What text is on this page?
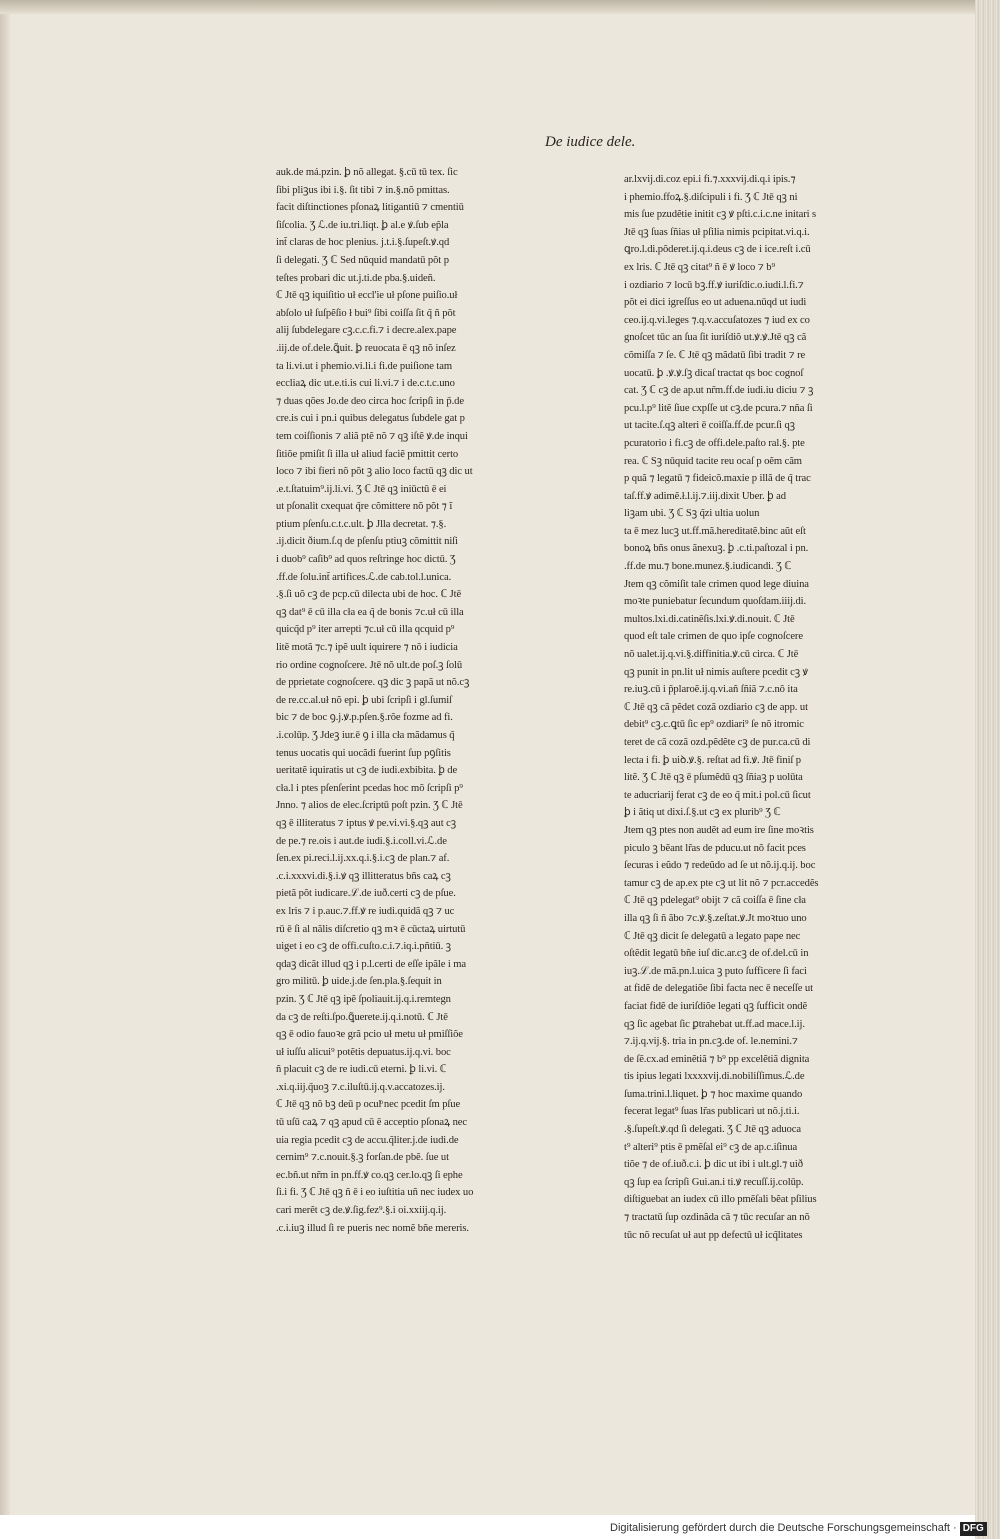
De iudice dele.
auk.de má.pzin. ꝧ nõ allegat. §.cū tū tex. ſic
ſibi pliꝫus ibi i.§. ſit tibi ⁊ in.§.nõ pmittas.
facit diſtinctiones pſonaꝝ litigantiū ⁊ cmentiū
ſiſcolia. Ʒ ℒ.de iu.tri.liqt. ꝧ al.e ꝟ.ſub ep̃la
int̃ claras de hoc plenius. j.t.i.§.ſupeſt.ꝟ.qd
ſi delegati. Ʒ ℂ Sed nūquid mandatū põt p
teſtes probari dic ut.j.ti.de pba.§.uideñ.
ℂ Jtē qꝫ iquiſitio uł eccl'ie uł pſone puiſio.uł
abſolo uł ſuſpẽſio ł bui⁹ ſibi coiſſa ſit q̃ ñ põt
alij ſubdelegare cꝫ.c.c.fi.⁊ i decre.alex.pape
.iij.de of.dele.ꝗ̃uit. ꝧ reuocata ē qꝫ nõ inſez
ta li.vi.ut i phemio.vi.li.i fi.de puiſione tam
eccliaꝝ dic ut.e.ti.is cui li.vi.⁊ i de.c.t.c.uno
⁊ duas qões Jo.de deo circa hoc ſcripſi in p̃.de
cre.is cui i pn.i quibus delegatus ſubdele gat p
tem coiſſionis ⁊ aliã ptẽ nõ ⁊ qꝫ iſtẽ ꝟ.de inqui
ſitiõe pmiſit ſi illa uł aliud faciẽ pmittit certo
loco ⁊ ibi fieri nõ põt ꝫ alio loco factū qꝫ dic ut
.e.t.ſtatuim⁹.ij.li.vi. Ʒ ℂ Jtē qꝫ iniūctū ē ei
ut pſonalit cxequat q̃re cõmittere nõ põt ⁊ ĩ
ptium pſenſu.c.t.c.ult. ꝧ Jlla decretat. ⁊.§.
.ij.dicit ðium.ſ.q de pſenſu ptiuꝫ cõmittit niſi
i duob⁹ caſib⁹ ad quos reſtringe hoc dictū. Ʒ
.ff.de ſolu.int̃ artifices.ℒ.de cab.tol.l.unica.
.§.ſi uõ cꝫ de pcp.cū dilecta ubi de hoc. ℂ Jtē
qꝫ dat⁹ ē cū illa cła ea q̃ de bonis ⁊c.uł cū illa
quicq̃d p⁹ iter arrepti ⁊c.uł cū illa qcquid p⁹
litẽ motã ⁊c.⁊ ipẽ uult iquirere ⁊ nõ i iudicia
rio ordine cognoſcere. Jtē nõ ult.de poſ.ꝫ ſolū
de pprietate cognoſcere. qꝫ dic ꝫ papã ut nõ.cꝫ
de re.cc.al.uł nõ epi. ꝧ ubi ſcripſi i gl.ſumiſ
bic ⁊ de boc ꝯ.j.ꝟ.p.pſen.§.rõe fozme ad fi.
.i.colūp. Ʒ Jdeꝫ iur.ē ꝯ i illa cła mãdamus q̃
tenus uocatis qui uocãdi fuerint ſup pꝯſitis
ueritatẽ iquiratis ut cꝫ de iudi.exbibita. ꝧ de
cła.l i ptes pſenſerint pcedas hoc mõ ſcripſi p⁹
Jnno. ⁊ alios de elec.ſcriptū poſt pzin. Ʒ ℂ Jtē
qꝫ ē illiteratus ⁊ iptus ꝟ pe.vi.vi.§.qꝫ aut cꝫ
de pe.⁊ re.ois i aut.de iudi.§.i.coll.vi.ℒ.de
ſen.ex pi.reci.l.ij.xx.q.i.§.i.cꝫ de plan.⁊ af.
.c.i.xxxvi.di.§.i.ꝟ qꝫ illitteratus bñs caꝝ cꝫ
pietã põt iudicare.ℒ.de iuð.certi cꝫ de pſue.
ex lris ⁊ i p.auc.⁊.ff.ꝟ re iudi.quidã qꝫ ⁊ uc
rū ē ſi al nãlis diſcretio qꝫ mꝛ ē cūctaꝝ uirtutū
uiget i eo cꝫ de offi.cuſto.c.i.⁊.iq.i.pñtiū. ꝫ
qdaꝫ dicãt illud qꝫ i p.l.certi de eſſe ipãle i ma
gro militū. ꝧ uide.j.de ſen.pla.§.ſequit in
pzin. Ʒ ℂ Jtē qꝫ ipẽ ſpoliauit.ij.q.i.remtegn
da cꝫ de reſti.ſpo.ꝗ̃uerete.ij.q.i.notū. ℂ Jtē
qꝫ ē odio fauoꝛe grã pcio uł metu uł pmiſſiõe
uł iuſſu alicui⁹ potẽtis depuatus.ij.q.vi. boc
ñ placuit cꝫ de re iudi.cū eterni. ꝧ li.vi. ℂ
.xi.q.iij.q̃uoꝫ ⁊.c.iluſtū.ij.q.v.accatozes.ij.
ℂ Jtē qꝫ nõ bꝫ deū p oculͦ nec pcedit ſm pſue
tū uſū caꝝ ⁊ qꝫ apud cū ē acceptio pſonaꝝ nec
uia regia pcedit cꝫ de accu.q̃liter.j.de iudi.de
cernim⁹ ⁊.c.nouit.§.ꝫ forſan.de pbẽ. ſue ut
ec.bñ.ut nr̃m in pn.ff.ꝟ co.qꝫ cer.lo.qꝫ ſi ephe
ſi.i fi. Ʒ ℂ Jtē qꝫ ñ ē i eo iuſtitia uñ nec iudex uo
cari merẽt cꝫ de.ꝟ.ſig.fez⁹.§.i oi.xxiij.q.ij.
.c.i.iuꝫ illud ſi re pueris nec nomẽ bñe mereris.
ar.lxvij.di.coz epi.i fi.⁊.xxxvij.di.q.i ipis.⁊
i phemio.ffoꝝ.§.diſcipuli i fi. Ʒ ℂ Jtē qꝫ ni
mis ſue pzudẽtie initit cꝫ ꝟ pſti.c.i.c.ne initari s
Jtē qꝫ ſuas ſñias uł pſilia nimis pcipitat.vi.q.i.
ꝗro.l.di.põderet.ij.q.i.deus cꝫ de i ice.reſt i.cū
ex lris. ℂ Jtē qꝫ citat⁹ ñ ē ꝟ loco ⁊ b⁹
i ozdiario ⁊ locū bꝫ.ff.ꝟ iuriſdic.o.iudi.l.fi.⁊
põt ei dici igreſſus eo ut aduena.nūqd ut iudi
ceo.ij.q.vi.leges ⁊.q.v.accuſatozes ⁊ iud ex co
gnoſcet tūc an ſua ſit iuriſdiõ ut.ꝟ.ꝟ.Jtē qꝫ cã
cõmiſſa ⁊ ſe. ℂ Jtē qꝫ mãdatū ſibi tradit ⁊ re
uocatū. ꝧ .ꝟ.ꝟ.ſꝫ dicaſ tractat qs boc cognoſ
cat. Ʒ ℂ cꝫ de ap.ut nr̃m.ff.de iudi.iu diciu ⁊ ꝫ
pcu.l.p⁹ litẽ ſiue cxpſſe ut cꝫ.de pcura.⁊ nña ſi
ut tacite.ſ.qꝫ alteri ē coiſſa.ff.de pcur.ſi qꝫ
pcuratorio i fi.cꝫ de offi.dele.paſto ral.§. pte
rea. ℂ Sꝫ nūquid tacite reu ocaſ p oẽm cãm
p quã ⁊ legatū ⁊ fideicõ.maxie p illã de q̃ trac
taſ.ff.ꝟ adimẽ.ł.l.ij.⁊.iij.dixit Uber. ꝧ ad
liꝫam ubi. Ʒ ℂ Sꝫ q̃zi ultia uolun
ta ē mez lucꝫ ut.ff.mã.hereditatẽ.binc aũt eſt
bonoꝝ bñs onus ãnexuꝫ. ꝧ .c.ti.paſtozal i pn.
.ff.de mu.⁊ bone.munez.§.iudicandi. Ʒ ℂ
Jtem qꝫ cõmiſit tale crimen quod lege diuina
moꝛte puniebatur ſecundum quoſdam.iiij.di.
multos.lxi.di.catinẽſis.lxi.ꝟ.di.nouit. ℂ Jtē
quod eſt tale crimen de quo ipſe cognoſcere
nõ ualet.ij.q.vi.§.diffinitia.ꝟ.cū circa. ℂ Jtē
qꝫ punit in pn.lit uł nimis auſtere pcedit cꝫ ꝟ
re.iuꝫ.cū i p̃plaroẽ.ij.q.vi.añ ſñiã ⁊.c.nõ ita
ℂ Jtē qꝫ cã pẽdet cozã ozdiario cꝫ de app. ut
debit⁹ cꝫ.c.ꝗtū ſic ep⁹ ozdiari⁹ ſe nõ itromic
teret de cã cozã ozd.pẽdẽte cꝫ de pur.ca.cū di
lecta i fi. ꝧ uiꝺ.ꝟ.§. reſtat ad fi.ꝟ. Jtē finiſ p
litẽ. Ʒ ℂ Jtē qꝫ ē pſumẽdū qꝫ ſñiaꝫ p uolūta
te aducriarij ferat cꝫ de eo q̃ mit.i pol.cū ſicut
ꝧ i ãtiq ut dixi.ſ.§.ut cꝫ ex plurib⁹ Ʒ ℂ
Jtem qꝫ ptes non audẽt ad eum ire ſine moꝛtis
piculo ꝫ bẽant lr̃as de pducu.ut nõ facit pces
ſecuras i eũdo ⁊ redeũdo ad ſe ut nõ.ij.q.ij. boc
tamur cꝫ de ap.ex pte cꝫ ut lit nõ ⁊ pcr.accedẽs
ℂ Jtē qꝫ pdelegat⁹ obijt ⁊ cã coiſſa ē ſine cła
illa qꝫ ſi ñ ãbo ⁊c.ꝟ.§.zeſtat.ꝟ.Jt moꝛtuo uno
ℂ Jtē qꝫ dicit ſe delegatū a legato pape nec
oſtẽdit legatū bñe iuſ dic.ar.cꝫ de of.del.cū in
iuꝫ.ℒ.de mã.pn.l.uica ꝫ puto ſufficere ſi faci
at fidẽ de delegatiõe ſibi facta nec ē neceſſe ut
faciat fidẽ de iuriſdiõe legati qꝫ ſufficit ondẽ
qꝫ ſic agebat ſic ꝑtrahebat ut.ff.ad mace.l.ij.
⁊.ij.q.vij.§. tria in pn.cꝫ.de of. le.nemini.⁊
de ſẽ.cx.ad eminẽtiã ⁊ b⁹ pp excelẽtiã dignita
tis ipius legati lxxxxvij.di.nobiliſſimus.ℒ.de
ſuma.trini.l.liquet. ꝧ ⁊ hoc maxime quando
fecerat legat⁹ ſuas lr̃as publicari ut nõ.j.ti.i.
.§.ſupeſt.ꝟ.qd ſi delegati. Ʒ ℂ Jtē qꝫ aduoca
t⁹ alteri⁹ ptis ē pmẽſal ei⁹ cꝫ de ap.c.iſinua
tiõe ⁊ de of.iuð.c.i. ꝧ dic ut ibi i ult.gl.⁊ uið
qꝫ ſup ea ſcripſi Gui.an.i ti.ꝟ recuſſ.ij.colūp.
diſtiguebat an iudex cū illo pmẽſali bẽat pſilius
⁊ tractatū ſup ozdinãda cã ⁊ tūc recuſar an nõ
tūc nõ recuſat uł aut pp defectū uł icq̃litates
Digitalisierung gefördert durch die Deutsche Forschungsgemeinschaft · DFG
